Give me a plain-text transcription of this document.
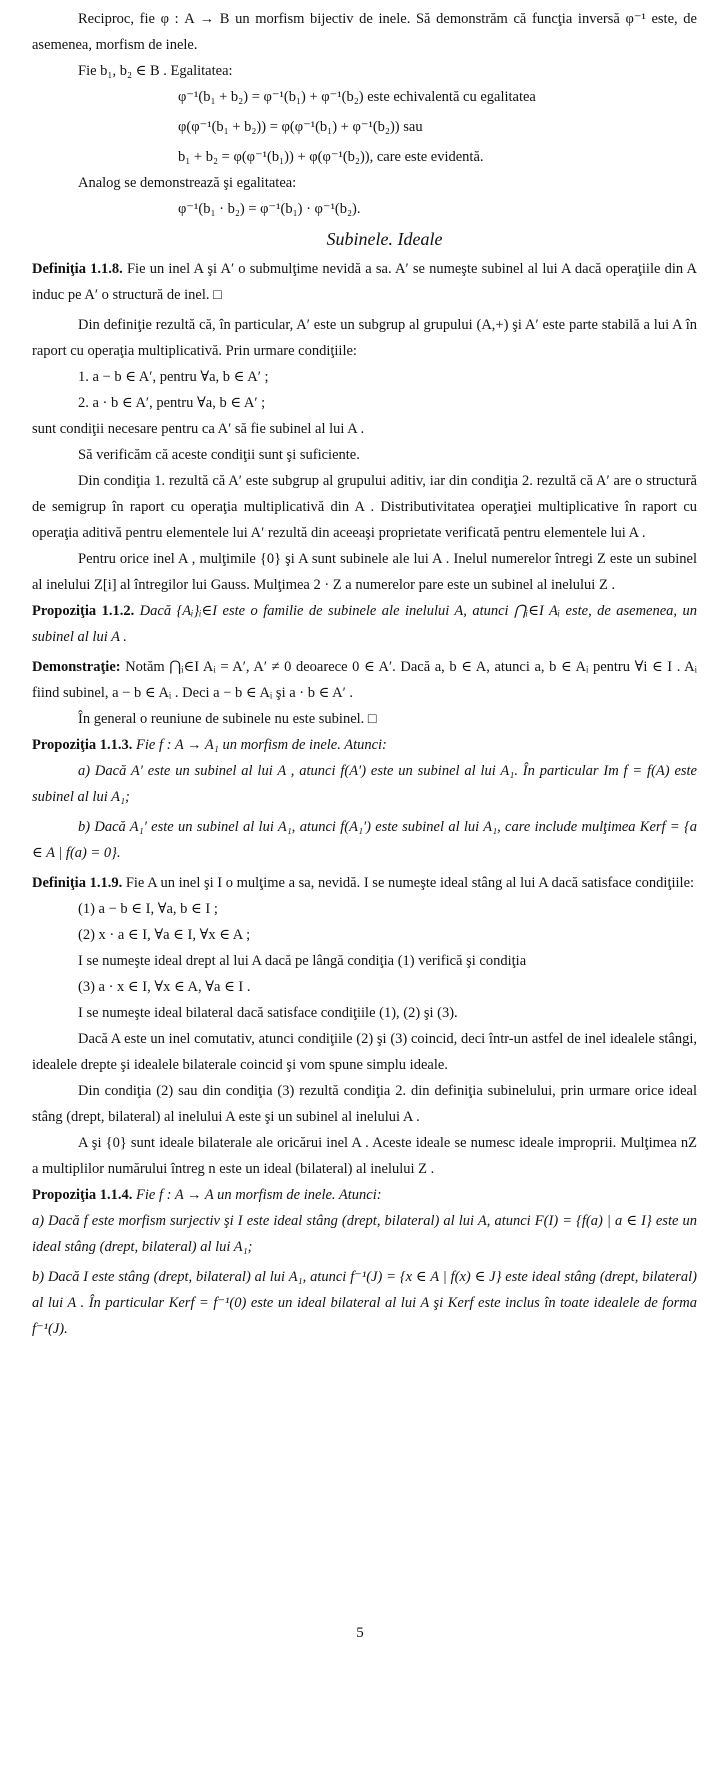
Reciproc, fie φ : A → B un morfism bijectiv de inele. Să demonstrăm că funcţia inversă φ⁻¹ este, de asemenea, morfism de inele.

Fie b₁, b₂ ∈ B . Egalitatea:

φ⁻¹(b₁ + b₂) = φ⁻¹(b₁) + φ⁻¹(b₂) este echivalentă cu egalitatea

φ(φ⁻¹(b₁ + b₂)) = φ(φ⁻¹(b₁) + φ⁻¹(b₂)) sau

b₁ + b₂ = φ(φ⁻¹(b₁)) + φ(φ⁻¹(b₂)), care este evidentă.

Analog se demonstrează şi egalitatea:

φ⁻¹(b₁ · b₂) = φ⁻¹(b₁) · φ⁻¹(b₂).

Subinele. Ideale

Definiţia 1.1.8. Fie un inel A şi A′ o submulţime nevidă a sa. A′ se numeşte subinel al lui A dacă operaţiile din A induc pe A′ o structură de inel. □

Din definiţie rezultă că, în particular, A′ este un subgrup al grupului (A,+) şi A′ este parte stabilă a lui A în raport cu operaţia multiplicativă. Prin urmare condiţiile:

1. a − b ∈ A′, pentru ∀a, b ∈ A′ ;

2. a · b ∈ A′, pentru ∀a, b ∈ A′ ;

sunt condiţii necesare pentru ca A′ să fie subinel al lui A .

Să verificăm că aceste condiţii sunt şi suficiente.

Din condiţia 1. rezultă că A′ este subgrup al grupului aditiv, iar din condiţia 2. rezultă că A′ are o structură de semigrup în raport cu operaţia multiplicativă din A . Distributivitatea operaţiei multiplicative în raport cu operaţia aditivă pentru elementele lui A′ rezultă din aceeaşi proprietate verificată pentru elementele lui A .

Pentru orice inel A , mulţimile {0} şi A sunt subinele ale lui A . Inelul numerelor întregi Z este un subinel al inelului Z[i] al întregilor lui Gauss. Mulţimea 2 · Z a numerelor pare este un subinel al inelului Z .

Propoziţia 1.1.2. Dacă {Aᵢ}ᵢ∈I este o familie de subinele ale inelului A, atunci ⋂ᵢ∈I Aᵢ este, de asemenea, un subinel al lui A .

Demonstraţie: Notăm ⋂ᵢ∈I Aᵢ = A′, A′ ≠ 0 deoarece 0 ∈ A′. Dacă a, b ∈ A, atunci a, b ∈ Aᵢ pentru ∀i ∈ I . Aᵢ fiind subinel, a − b ∈ Aᵢ . Deci a − b ∈ Aᵢ şi a · b ∈ A′ .

În general o reuniune de subinele nu este subinel. □

Propoziţia 1.1.3. Fie f : A → A₁ un morfism de inele. Atunci:

a) Dacă A′ este un subinel al lui A , atunci f(A′) este un subinel al lui A₁. În particular Im f = f(A) este subinel al lui A₁;

b) Dacă A₁′ este un subinel al lui A₁, atunci f(A₁′) este subinel al lui A₁, care include mulţimea Kerf = {a ∈ A | f(a) = 0}.

Definiţia 1.1.9. Fie A un inel şi I o mulţime a sa, nevidă. I se numeşte ideal stâng al lui A dacă satisface condiţiile:

(1) a − b ∈ I, ∀a, b ∈ I ;

(2) x · a ∈ I, ∀a ∈ I, ∀x ∈ A ;

I se numeşte ideal drept al lui A dacă pe lângă condiţia (1) verifică şi condiţia

(3) a · x ∈ I, ∀x ∈ A, ∀a ∈ I .

I se numeşte ideal bilateral dacă satisface condiţiile (1), (2) şi (3).

Dacă A este un inel comutativ, atunci condiţiile (2) şi (3) coincid, deci într-un astfel de inel idealele stângi, idealele drepte şi idealele bilaterale coincid şi vom spune simplu ideale.

Din condiţia (2) sau din condiţia (3) rezultă condiţia 2. din definiţia subinelului, prin urmare orice ideal stâng (drept, bilateral) al inelului A este şi un subinel al inelului A .

A şi {0} sunt ideale bilaterale ale oricărui inel A . Aceste ideale se numesc ideale improprii. Mulţimea nZ a multiplilor numărului întreg n este un ideal (bilateral) al inelului Z .

Propoziţia 1.1.4. Fie f : A → A un morfism de inele. Atunci:

a) Dacă f este morfism surjectiv şi I este ideal stâng (drept, bilateral) al lui A, atunci F(I) = {f(a) | a ∈ I} este un ideal stâng (drept, bilateral) al lui A₁;

b) Dacă I este stâng (drept, bilateral) al lui A₁, atunci f⁻¹(J) = {x ∈ A | f(x) ∈ J} este ideal stâng (drept, bilateral) al lui A . În particular Kerf = f⁻¹(0) este un ideal bilateral al lui A şi Kerf este inclus în toate idealele de forma f⁻¹(J).

5
